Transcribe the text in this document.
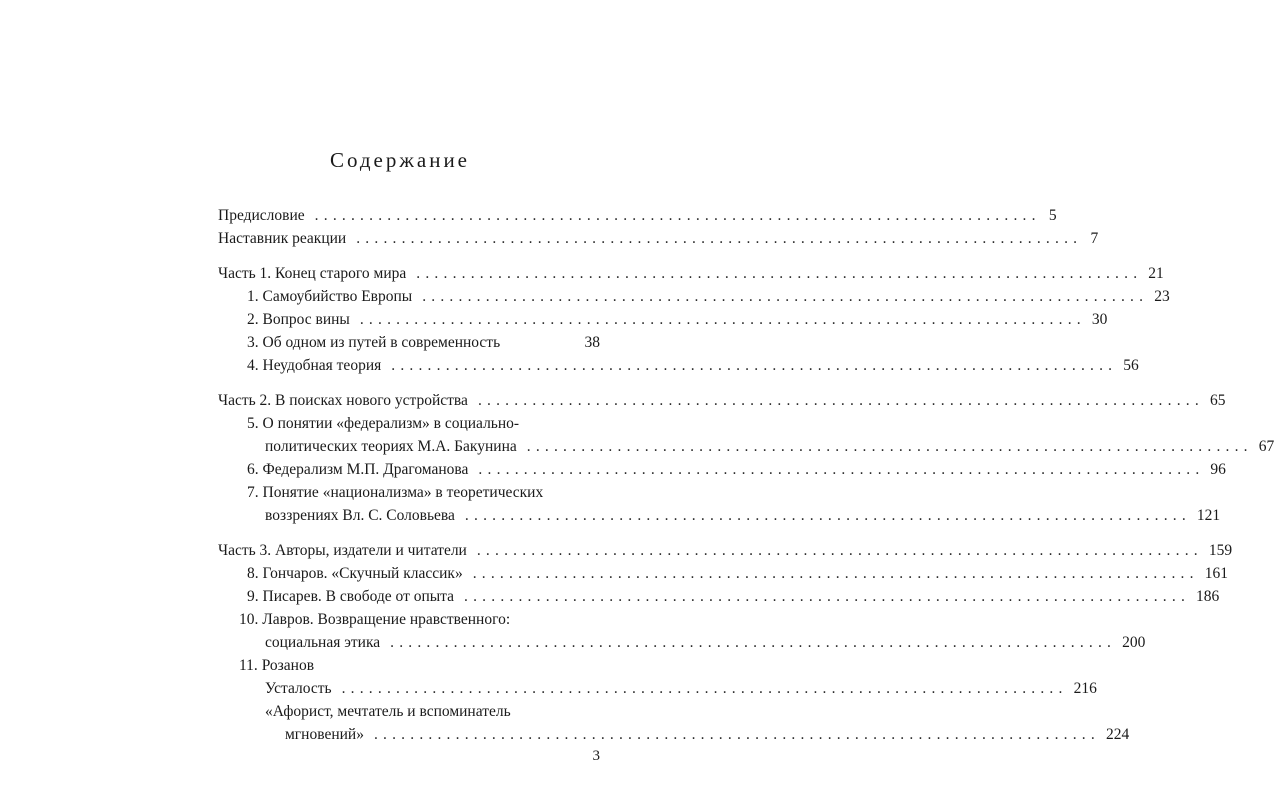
Содержание
Предисловие ................................................................................ 5
Наставник реакции ................................................................................ 7
Часть 1. Конец старого мира ................................................................................ 21
1.
Самоубийство Европы ................................................................................ 23
2.
Вопрос вины ................................................................................ 30
3.
Об одном из путей в современность	38
4.
Неудобная теория ................................................................................ 56
Часть 2. В поисках нового устройства ................................................................................ 65
5.
О понятии «федерализм» в социально-
политических теориях М.А. Бакунина ................................................................................ 67
6.
Федерализм М.П. Драгоманова ................................................................................ 96
7.
Понятие «национализма» в теоретических
воззрениях Вл. С. Соловьева ................................................................................ 121
Часть 3. Авторы, издатели и читатели ................................................................................ 159
8.
Гончаров. «Скучный классик» ................................................................................ 161
9.
Писарев. В свободе от опыта ................................................................................ 186
10.
Лавров. Возвращение нравственного:
социальная этика ................................................................................ 200
11.
Розанов
Усталость ................................................................................ 216
«Афорист, мечтатель и вспоминатель
мгновений» ................................................................................ 224
3
